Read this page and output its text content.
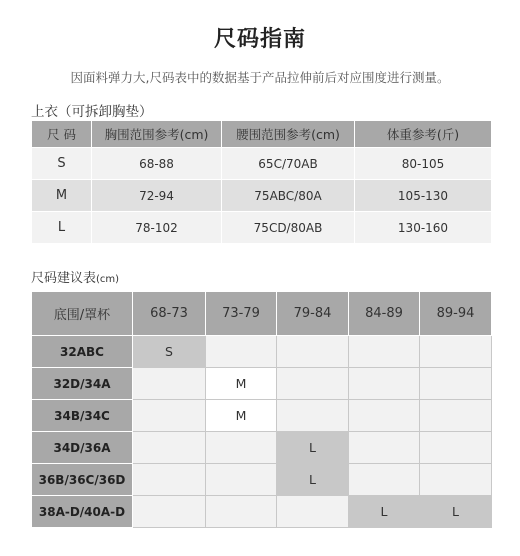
尺码指南
因面料弹力大,尺码表中的数据基于产品拉伸前后对应围度进行测量。
上衣（可拆卸胸垫）
尺 码	胸围范围参考(cm)	腰围范围参考(cm)	体重参考(斤)
S	68-88	65C/70AB	80-105
M	72-94	75ABC/80A	105-130
L	78-102	75CD/80AB	130-160
尺码建议表(cm)
底围/罩杯	68-73	73-79	79-84	84-89	89-94
32ABC	S				
32D/34A		M			
34B/34C		M			
34D/36A			L		
36B/36C/36D			L		
38A-D/40A-D				L	L
